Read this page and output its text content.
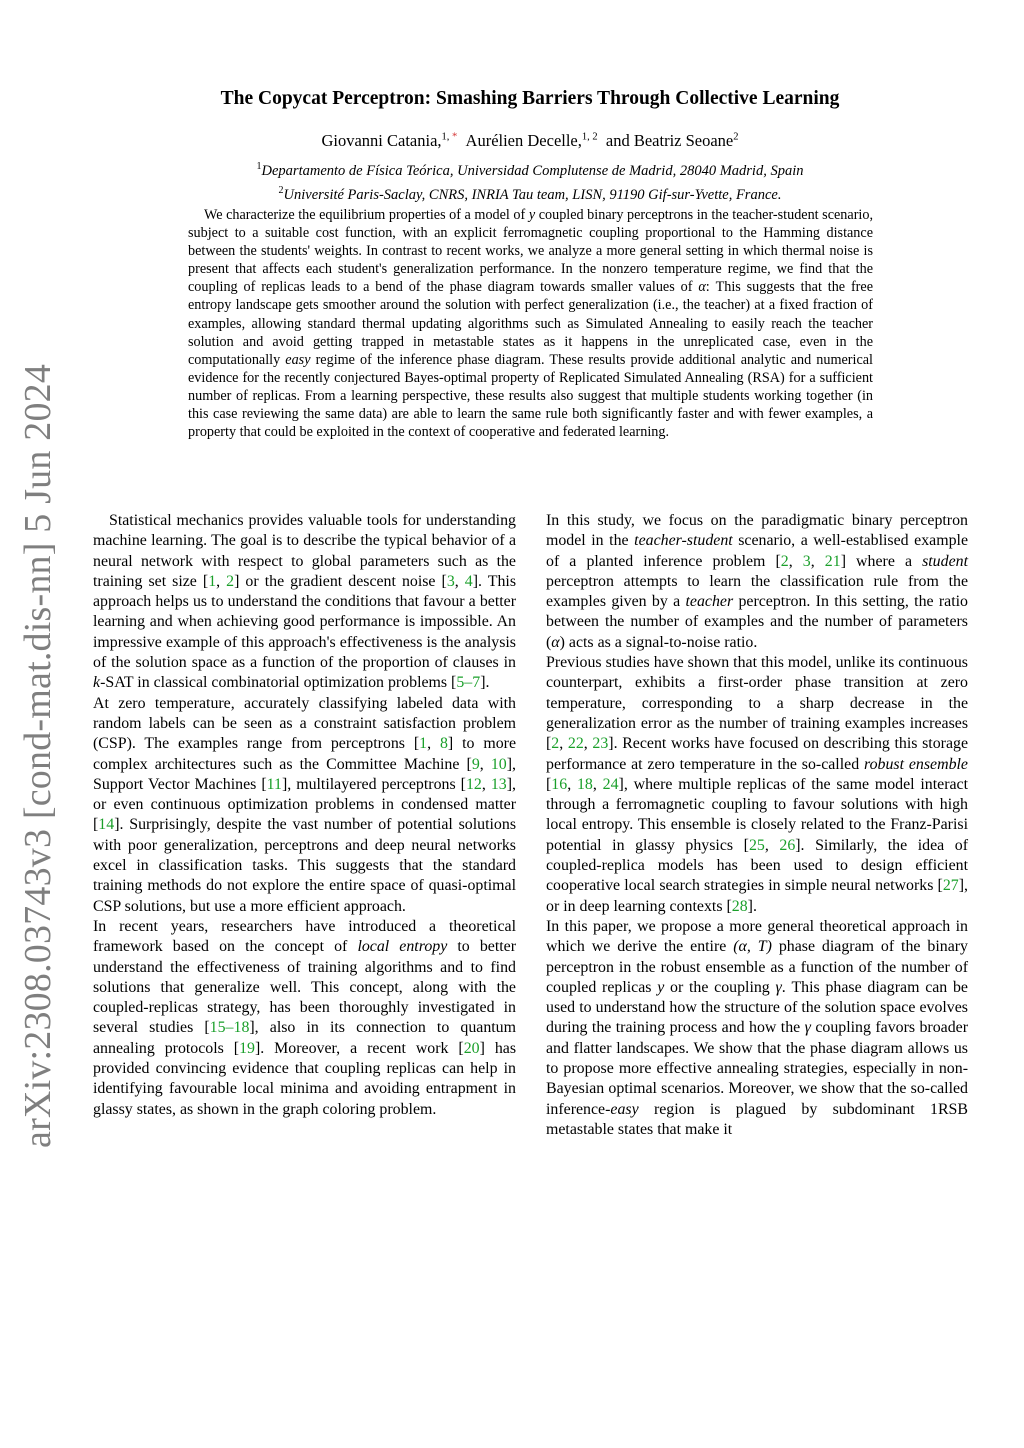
arXiv:2308.03743v3 [cond-mat.dis-nn] 5 Jun 2024
The Copycat Perceptron: Smashing Barriers Through Collective Learning
Giovanni Catania,$^{1, *}$ Aurélien Decelle,$^{1, 2}$ and Beatriz Seoane$^2$
$^1$Departamento de Física Teórica, Universidad Complutense de Madrid, 28040 Madrid, Spain
$^2$Université Paris-Saclay, CNRS, INRIA Tau team, LISN, 91190 Gif-sur-Yvette, France.
We characterize the equilibrium properties of a model of y coupled binary perceptrons in the teacher-student scenario, subject to a suitable cost function, with an explicit ferromagnetic coupling proportional to the Hamming distance between the students' weights. In contrast to recent works, we analyze a more general setting in which thermal noise is present that affects each student's generalization performance. In the nonzero temperature regime, we find that the coupling of replicas leads to a bend of the phase diagram towards smaller values of α: This suggests that the free entropy landscape gets smoother around the solution with perfect generalization (i.e., the teacher) at a fixed fraction of examples, allowing standard thermal updating algorithms such as Simulated Annealing to easily reach the teacher solution and avoid getting trapped in metastable states as it happens in the unreplicated case, even in the computationally easy regime of the inference phase diagram. These results provide additional analytic and numerical evidence for the recently conjectured Bayes-optimal property of Replicated Simulated Annealing (RSA) for a sufficient number of replicas. From a learning perspective, these results also suggest that multiple students working together (in this case reviewing the same data) are able to learn the same rule both significantly faster and with fewer examples, a property that could be exploited in the context of cooperative and federated learning.

Statistical mechanics provides valuable tools for understanding machine learning. The goal is to describe the typical behavior of a neural network with respect to global parameters such as the training set size [1, 2] or the gradient descent noise [3, 4]. This approach helps us to understand the conditions that favour a better learning and when achieving good performance is impossible. An impressive example of this approach's effectiveness is the analysis of the solution space as a function of the proportion of clauses in k-SAT in classical combinatorial optimization problems [5–7].

At zero temperature, accurately classifying labeled data with random labels can be seen as a constraint satisfaction problem (CSP). The examples range from perceptrons [1, 8] to more complex architectures such as the Committee Machine [9, 10], Support Vector Machines [11], multilayered perceptrons [12, 13], or even continuous optimization problems in condensed matter [14]. Surprisingly, despite the vast number of potential solutions with poor generalization, perceptrons and deep neural networks excel in classification tasks. This suggests that the standard training methods do not explore the entire space of quasi-optimal CSP solutions, but use a more efficient approach.

In recent years, researchers have introduced a theoretical framework based on the concept of local entropy to better understand the effectiveness of training algorithms and to find solutions that generalize well. This concept, along with the coupled-replicas strategy, has been thoroughly investigated in several studies [15–18], also in its connection to quantum annealing protocols [19]. Moreover, a recent work [20] has provided convincing evidence that coupling replicas can help in identifying favourable local minima and avoiding entrapment in glassy states, as shown in the graph coloring problem.

In this study, we focus on the paradigmatic binary perceptron model in the teacher-student scenario, a well-establised example of a planted inference problem [2, 3, 21] where a student perceptron attempts to learn the classification rule from the examples given by a teacher perceptron. In this setting, the ratio between the number of examples and the number of parameters (α) acts as a signal-to-noise ratio.

Previous studies have shown that this model, unlike its continuous counterpart, exhibits a first-order phase transition at zero temperature, corresponding to a sharp decrease in the generalization error as the number of training examples increases [2, 22, 23]. Recent works have focused on describing this storage performance at zero temperature in the so-called robust ensemble [16, 18, 24], where multiple replicas of the same model interact through a ferromagnetic coupling to favour solutions with high local entropy. This ensemble is closely related to the Franz-Parisi potential in glassy physics [25, 26]. Similarly, the idea of coupled-replica models has been used to design efficient cooperative local search strategies in simple neural networks [27], or in deep learning contexts [28].

In this paper, we propose a more general theoretical approach in which we derive the entire (α, T) phase diagram of the binary perceptron in the robust ensemble as a function of the number of coupled replicas y or the coupling γ. This phase diagram can be used to understand how the structure of the solution space evolves during the training process and how the γ coupling favors broader and flatter landscapes. We show that the phase diagram allows us to propose more effective annealing strategies, especially in non-Bayesian optimal scenarios. Moreover, we show that the so-called inference-easy region is plagued by subdominant 1RSB metastable states that make it
